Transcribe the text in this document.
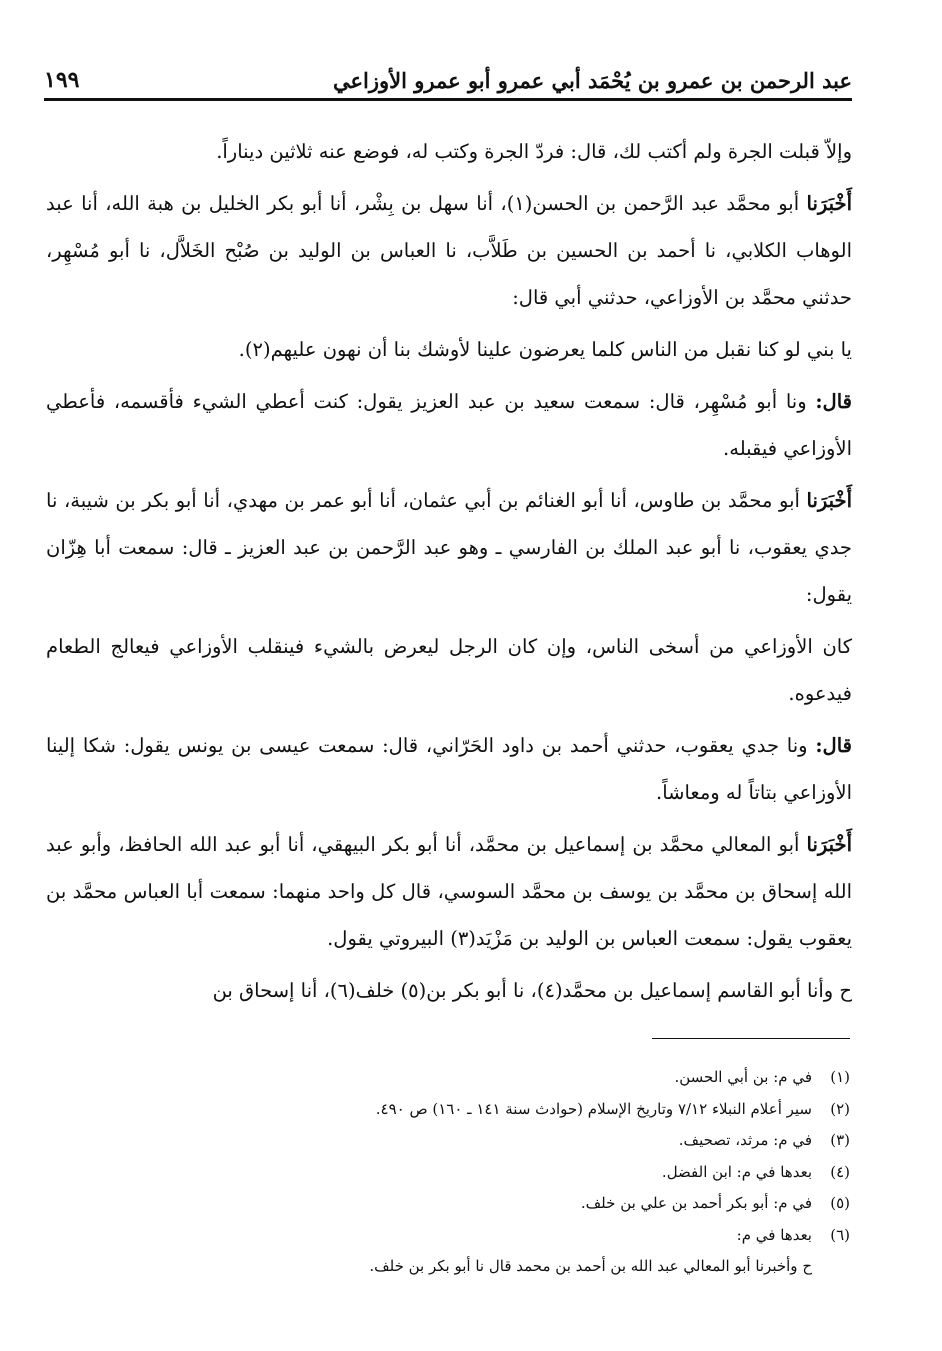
عبد الرحمن بن عمرو بن يُحْمَد أبي عمرو أبو عمرو الأوزاعي
١٩٩

وإلاّ قبلت الجرة ولم أكتب لك، قال: فردّ الجرة وكتب له، فوضع عنه ثلاثين ديناراً.

أَخْبَرَنا أبو محمَّد عبد الرَّحمن بن الحسن(١)، أنا سهل بن بِشْر، أنا أبو بكر الخليل بن هبة الله، أنا عبد الوهاب الكلابي، نا أحمد بن الحسين بن طَلاَّب، نا العباس بن الوليد بن صُبْح الخَلاَّل، نا أبو مُسْهِر، حدثني محمَّد بن الأوزاعي، حدثني أبي قال:

يا بني لو كنا نقبل من الناس كلما يعرضون علينا لأوشك بنا أن نهون عليهم(٢).

قال: ونا أبو مُسْهِر، قال: سمعت سعيد بن عبد العزيز يقول: كنت أعطي الشيء فأقسمه، فأعطي الأوزاعي فيقبله.

أَخْبَرَنا أبو محمَّد بن طاوس، أنا أبو الغنائم بن أبي عثمان، أنا أبو عمر بن مهدي، أنا أبو بكر بن شيبة، نا جدي يعقوب، نا أبو عبد الملك بن الفارسي ـ وهو عبد الرَّحمن بن عبد العزيز ـ قال: سمعت أبا هِزّان يقول:

كان الأوزاعي من أسخى الناس، وإن كان الرجل ليعرض بالشيء فينقلب الأوزاعي فيعالج الطعام فيدعوه.

قال: ونا جدي يعقوب، حدثني أحمد بن داود الحَرّاني، قال: سمعت عيسى بن يونس يقول: شكا إلينا الأوزاعي بتاتاً له ومعاشاً.

أَخْبَرَنا أبو المعالي محمَّد بن إسماعيل بن محمَّد، أنا أبو بكر البيهقي، أنا أبو عبد الله الحافظ، وأبو عبد الله إسحاق بن محمَّد بن يوسف بن محمَّد السوسي، قال كل واحد منهما: سمعت أبا العباس محمَّد بن يعقوب يقول: سمعت العباس بن الوليد بن مَزْيَد(٣) البيروتي يقول.

ح وأنا أبو القاسم إسماعيل بن محمَّد(٤)، نا أبو بكر بن(٥) خلف(٦)، أنا إسحاق بن

(١)
في م: بن أبي الحسن.
(٢)
سير أعلام النبلاء ٧/١٢ وتاريخ الإسلام (حوادث سنة ١٤١ ـ ١٦٠) ص ٤٩٠.
(٣)
في م: مرثد، تصحيف.
(٤)
بعدها في م: ابن الفضل.
(٥)
في م: أبو بكر أحمد بن علي بن خلف.
(٦)
بعدها في م:
ح وأخبرنا أبو المعالي عبد الله بن أحمد بن محمد قال نا أبو بكر بن خلف.
